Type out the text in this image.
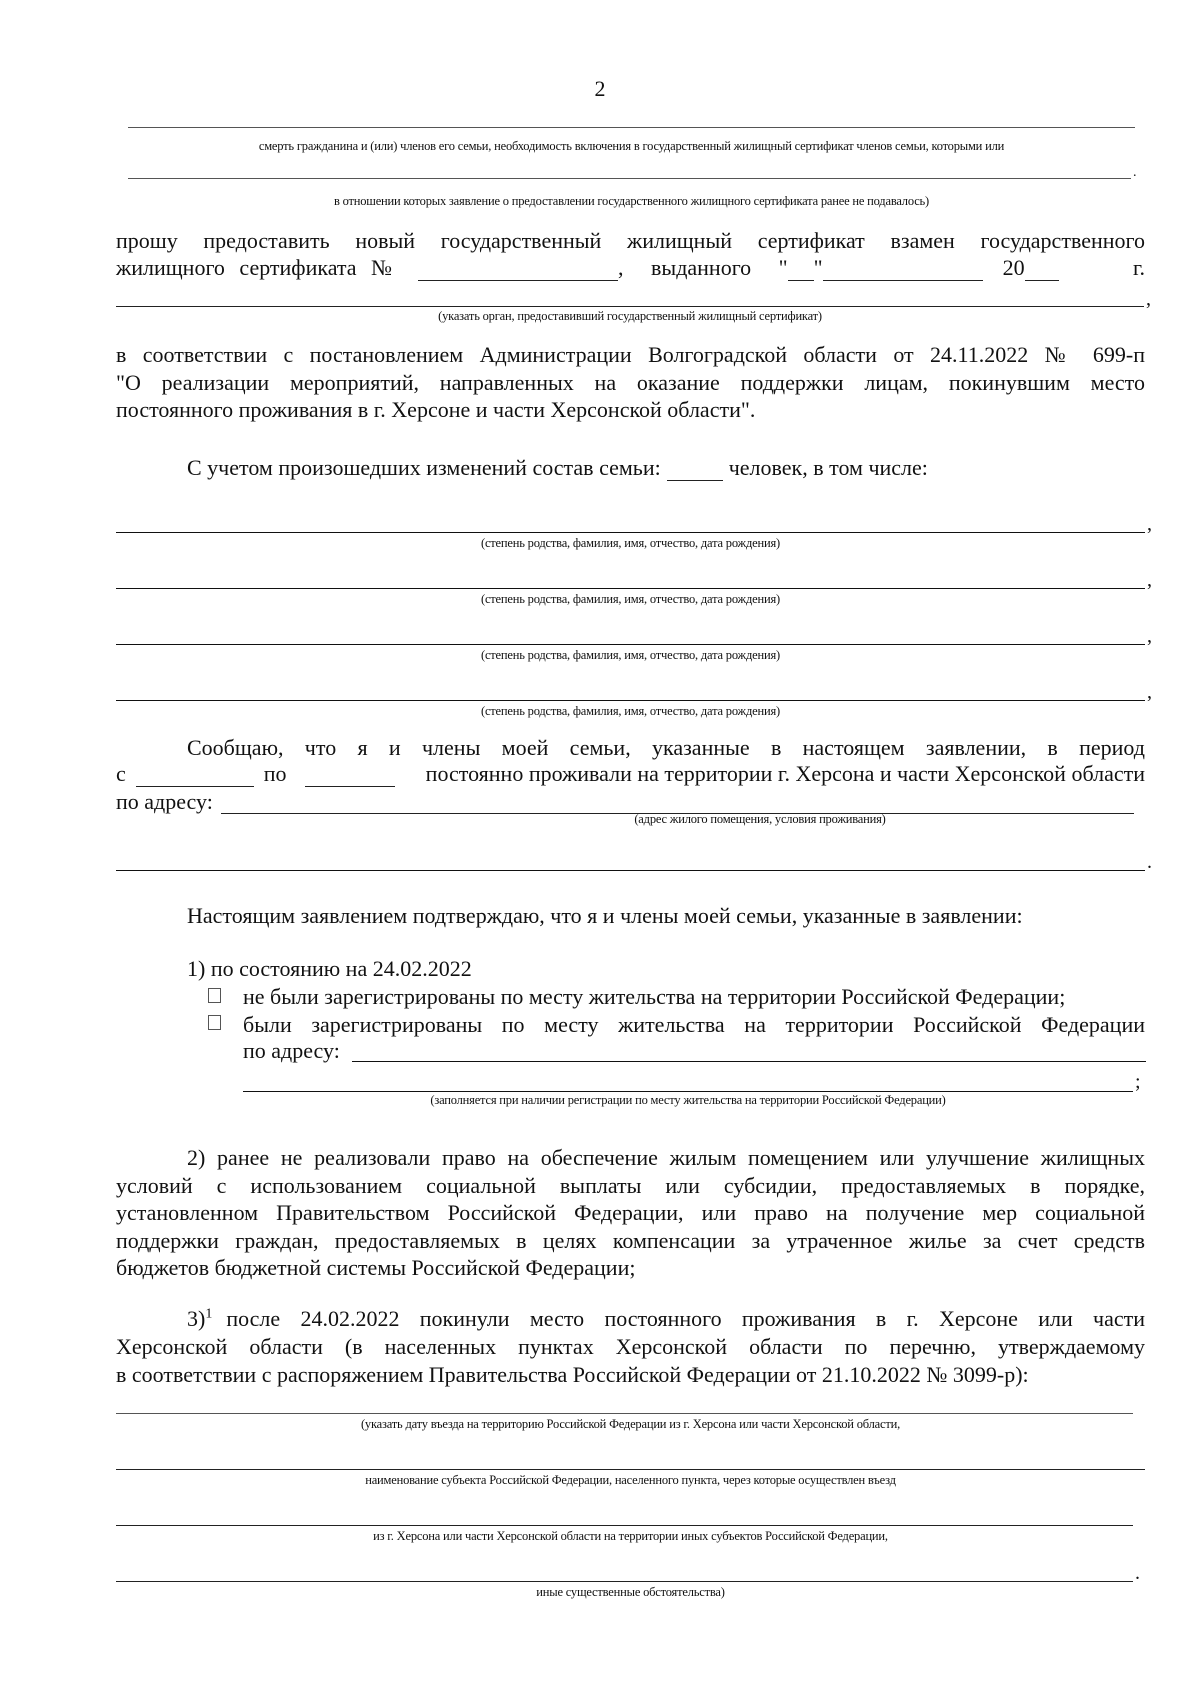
2
смерть гражданина и (или) членов его семьи, необходимость включения в государственный жилищный сертификат членов семьи, которыми или
.
в отношении которых заявление о предоставлении государственного жилищного сертификата ранее не подавалось)
прошу предоставить новый государственный жилищный сертификат взамен государственного
жилищного сертификата №	, выданного " "	20	г.
,
(указать орган, предоставивший государственный жилищный сертификат)
в соответствии с постановлением Администрации Волгоградской области от 24.11.2022 № 699-п
"О реализации мероприятий, направленных на оказание поддержки лицам, покинувшим место
постоянного проживания в г. Херсоне и части Херсонской области".
С учетом произошедших изменений состав семьи:	человек, в том числе:
,
(степень родства, фамилия, имя, отчество, дата рождения)
,
(степень родства, фамилия, имя, отчество, дата рождения)
,
(степень родства, фамилия, имя, отчество, дата рождения)
,
(степень родства, фамилия, имя, отчество, дата рождения)
Сообщаю, что я и члены моей семьи, указанные в настоящем заявлении, в период
с	по	постоянно проживали на территории г. Херсона и части Херсонской области
по адресу:
(адрес жилого помещения, условия проживания)
.
Настоящим заявлением подтверждаю, что я и члены моей семьи, указанные в заявлении:
1) по состоянию на 24.02.2022
не были зарегистрированы по месту жительства на территории Российской Федерации;
были зарегистрированы по месту жительства на территории Российской Федерации
по адресу:
;
(заполняется при наличии регистрации по месту жительства на территории Российской Федерации)
2) ранее не реализовали право на обеспечение жилым помещением или улучшение жилищных
условий с использованием социальной выплаты или субсидии, предоставляемых в порядке,
установленном Правительством Российской Федерации, или право на получение мер социальной
поддержки граждан, предоставляемых в целях компенсации за утраченное жилье за счет средств
бюджетов бюджетной системы Российской Федерации;
3)$^1$ после 24.02.2022 покинули место постоянного проживания в г. Херсоне или части
Херсонской области (в населенных пунктах Херсонской области по перечню, утверждаемому
в соответствии с распоряжением Правительства Российской Федерации от 21.10.2022 № 3099-р):
(указать дату въезда на территорию Российской Федерации из г. Херсона или части Херсонской области,
наименование субъекта Российской Федерации, населенного пункта, через которые осуществлен въезд
из г. Херсона или части Херсонской области на территории иных субъектов Российской Федерации,
.
иные существенные обстоятельства)
